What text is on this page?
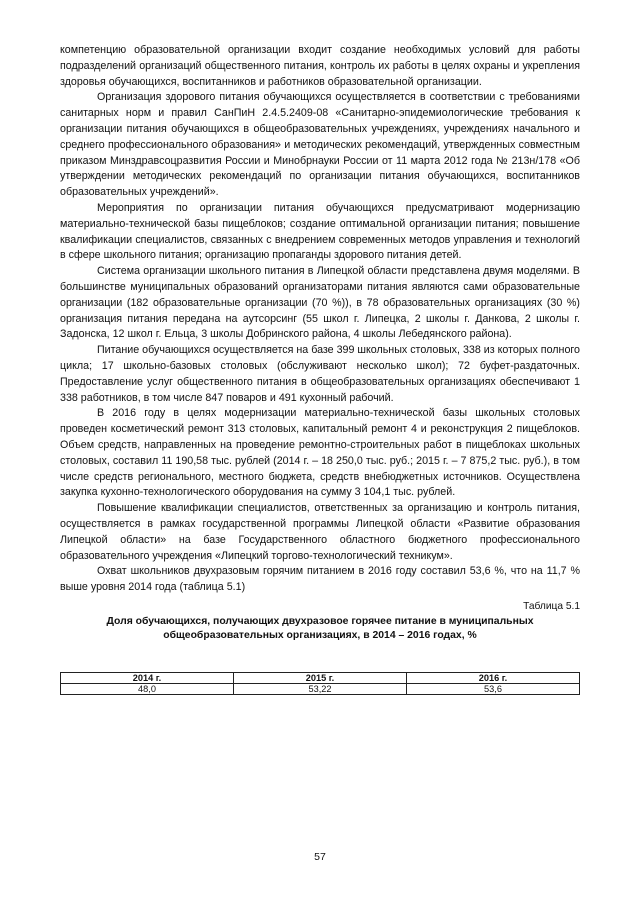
компетенцию образовательной организации входит создание необходимых условий для работы подразделений организаций общественного питания, контроль их работы в целях охраны и укрепления здоровья обучающихся, воспитанников и работников образовательной организации.

Организация здорового питания обучающихся осуществляется в соответствии с требованиями санитарных норм и правил СанПиН 2.4.5.2409-08 «Санитарно-эпидемиологические требования к организации питания обучающихся в общеобразовательных учреждениях, учреждениях начального и среднего профессионального образования» и методических рекомендаций, утвержденных совместным приказом Минздравсоцразвития России и Минобрнауки России от 11 марта 2012 года № 213н/178 «Об утверждении методических рекомендаций по организации питания обучающихся, воспитанников образовательных учреждений».

Мероприятия по организации питания обучающихся предусматривают модернизацию материально-технической базы пищеблоков; создание оптимальной организации питания; повышение квалификации специалистов, связанных с внедрением современных методов управления и технологий в сфере школьного питания; организацию пропаганды здорового питания детей.

Система организации школьного питания в Липецкой области представлена двумя моделями. В большинстве муниципальных образований организаторами питания являются сами образовательные организации (182 образовательные организации (70 %)), в 78 образовательных организациях (30 %) организация питания передана на аутсорсинг (55 школ г. Липецка, 2 школы г. Данкова, 2 школы г. Задонска, 12 школ г. Ельца, 3 школы Добринского района, 4 школы Лебедянского района).

Питание обучающихся осуществляется на базе 399 школьных столовых, 338 из которых полного цикла; 17 школьно-базовых столовых (обслуживают несколько школ); 72 буфет-раздаточных. Предоставление услуг общественного питания в общеобразовательных организациях обеспечивают 1 338 работников, в том числе 847 поваров и 491 кухонный рабочий.

В 2016 году в целях модернизации материально-технической базы школьных столовых проведен косметический ремонт 313 столовых, капитальный ремонт 4 и реконструкция 2 пищеблоков. Объем средств, направленных на проведение ремонтно-строительных работ в пищеблоках школьных столовых, составил 11 190,58 тыс. рублей (2014 г. – 18 250,0 тыс. руб.; 2015 г. – 7 875,2 тыс. руб.), в том числе средств регионального, местного бюджета, средств внебюджетных источников. Осуществлена закупка кухонно-технологического оборудования на сумму 3 104,1 тыс. рублей.

Повышение квалификации специалистов, ответственных за организацию и контроль питания, осуществляется в рамках государственной программы Липецкой области «Развитие образования Липецкой области» на базе Государственного областного бюджетного профессионального образовательного учреждения «Липецкий торгово-технологический техникум».

Охват школьников двухразовым горячим питанием в 2016 году составил 53,6 %, что на 11,7 % выше уровня 2014 года (таблица 5.1)

Таблица 5.1
Доля обучающихся, получающих двухразовое горячее питание в муниципальных общеобразовательных организациях, в 2014 – 2016 годах, %
2014 г.	2015 г.	2016 г.
48,0	53,22	53,6
57
